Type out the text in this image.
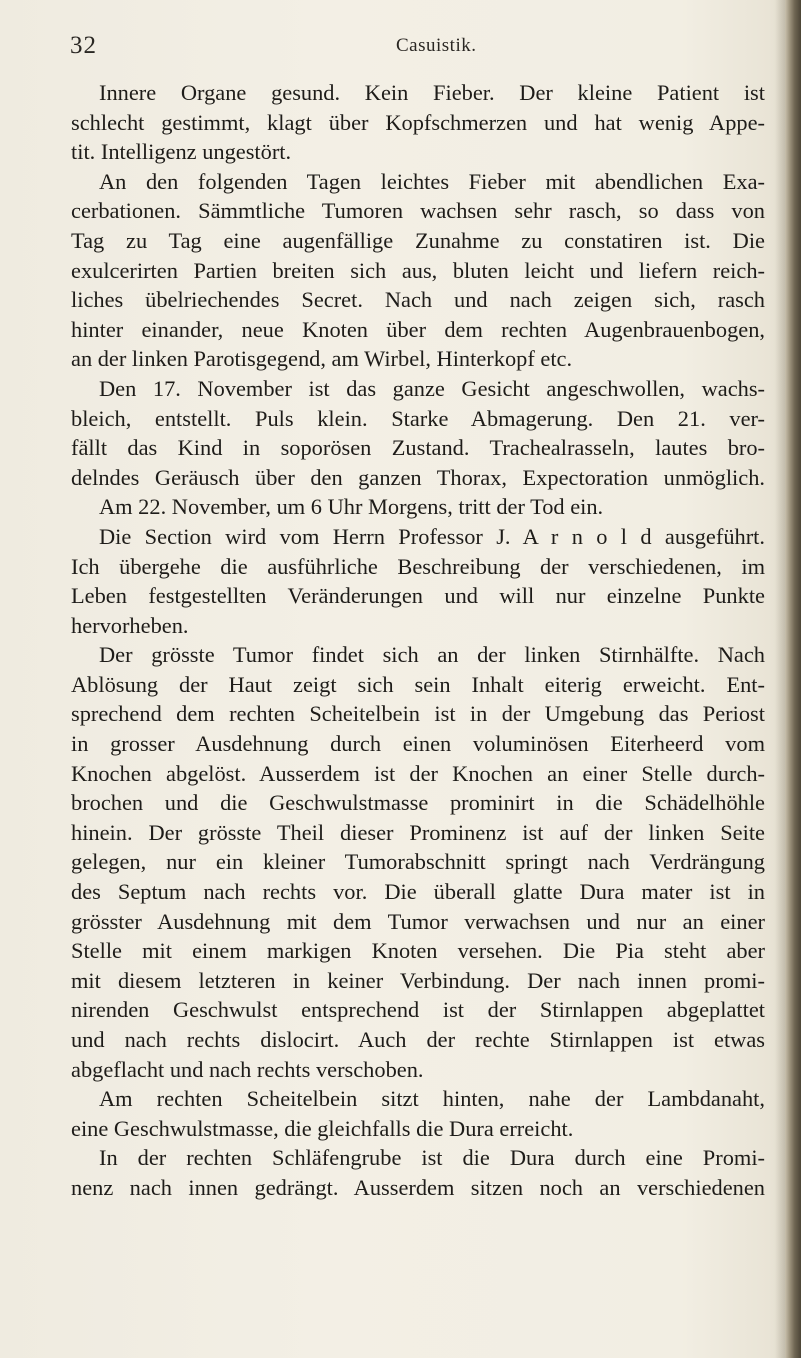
32	Casuistik.
Innere Organe gesund. Kein Fieber. Der kleine Patient ist
schlecht gestimmt, klagt über Kopfschmerzen und hat wenig Appe-
tit. Intelligenz ungestört.
An den folgenden Tagen leichtes Fieber mit abendlichen Exa-
cerbationen. Sämmtliche Tumoren wachsen sehr rasch, so dass von
Tag zu Tag eine augenfällige Zunahme zu constatiren ist. Die
exulcerirten Partien breiten sich aus, bluten leicht und liefern reich-
liches übelriechendes Secret. Nach und nach zeigen sich, rasch
hinter einander, neue Knoten über dem rechten Augenbrauenbogen,
an der linken Parotisgegend, am Wirbel, Hinterkopf etc.
Den 17. November ist das ganze Gesicht angeschwollen, wachs-
bleich, entstellt. Puls klein. Starke Abmagerung. Den 21. ver-
fällt das Kind in soporösen Zustand. Trachealrasseln, lautes bro-
delndes Geräusch über den ganzen Thorax, Expectoration unmöglich.
Am 22. November, um 6 Uhr Morgens, tritt der Tod ein.
Die Section wird vom Herrn Professor J. A r n o l d ausgeführt.
Ich übergehe die ausführliche Beschreibung der verschiedenen, im
Leben festgestellten Veränderungen und will nur einzelne Punkte
hervorheben.
Der grösste Tumor findet sich an der linken Stirnhälfte. Nach
Ablösung der Haut zeigt sich sein Inhalt eiterig erweicht. Ent-
sprechend dem rechten Scheitelbein ist in der Umgebung das Periost
in grosser Ausdehnung durch einen voluminösen Eiterheerd vom
Knochen abgelöst. Ausserdem ist der Knochen an einer Stelle durch-
brochen und die Geschwulstmasse prominirt in die Schädelhöhle
hinein. Der grösste Theil dieser Prominenz ist auf der linken Seite
gelegen, nur ein kleiner Tumorabschnitt springt nach Verdrängung
des Septum nach rechts vor. Die überall glatte Dura mater ist in
grösster Ausdehnung mit dem Tumor verwachsen und nur an einer
Stelle mit einem markigen Knoten versehen. Die Pia steht aber
mit diesem letzteren in keiner Verbindung. Der nach innen promi-
nirenden Geschwulst entsprechend ist der Stirnlappen abgeplattet
und nach rechts dislocirt. Auch der rechte Stirnlappen ist etwas
abgeflacht und nach rechts verschoben.
Am rechten Scheitelbein sitzt hinten, nahe der Lambdanaht,
eine Geschwulstmasse, die gleichfalls die Dura erreicht.
In der rechten Schläfengrube ist die Dura durch eine Promi-
nenz nach innen gedrängt. Ausserdem sitzen noch an verschiedenen
